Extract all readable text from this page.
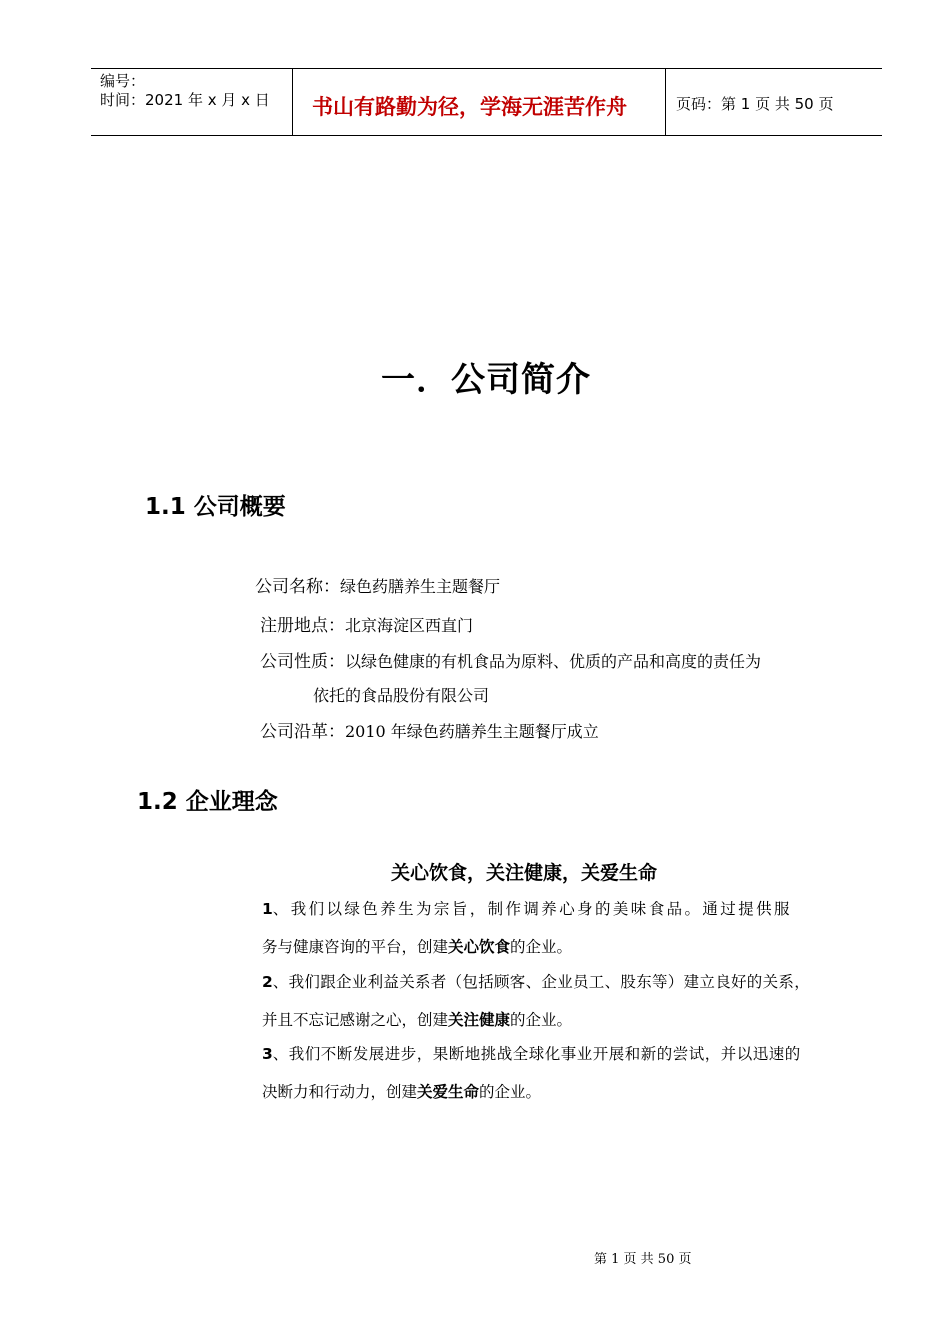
编号：
时间：2021 年 x 月 x 日 书山有路勤为径，学海无涯苦作舟	页码：第 1 页 共 50 页
一．公司简介
1.1 公司概要
公司名称：绿色药膳养生主题餐厅
注册地点：北京海淀区西直门
公司性质：以绿色健康的有机食品为原料、优质的产品和高度的责任为
依托的食品股份有限公司
公司沿革：2010 年绿色药膳养生主题餐厅成立
1.2 企业理念
关心饮食，关注健康，关爱生命
1、我们以绿色养生为宗旨，制作调养心身的美味食品。通过提供服
务与健康咨询的平台，创建关心饮食的企业。
2、我们跟企业利益关系者（包括顾客、企业员工、股东等）建立良好的关系，
并且不忘记感谢之心，创建关注健康的企业。
3、我们不断发展进步，果断地挑战全球化事业开展和新的尝试，并以迅速的
决断力和行动力，创建关爱生命的企业。
第 1 页 共 50 页
